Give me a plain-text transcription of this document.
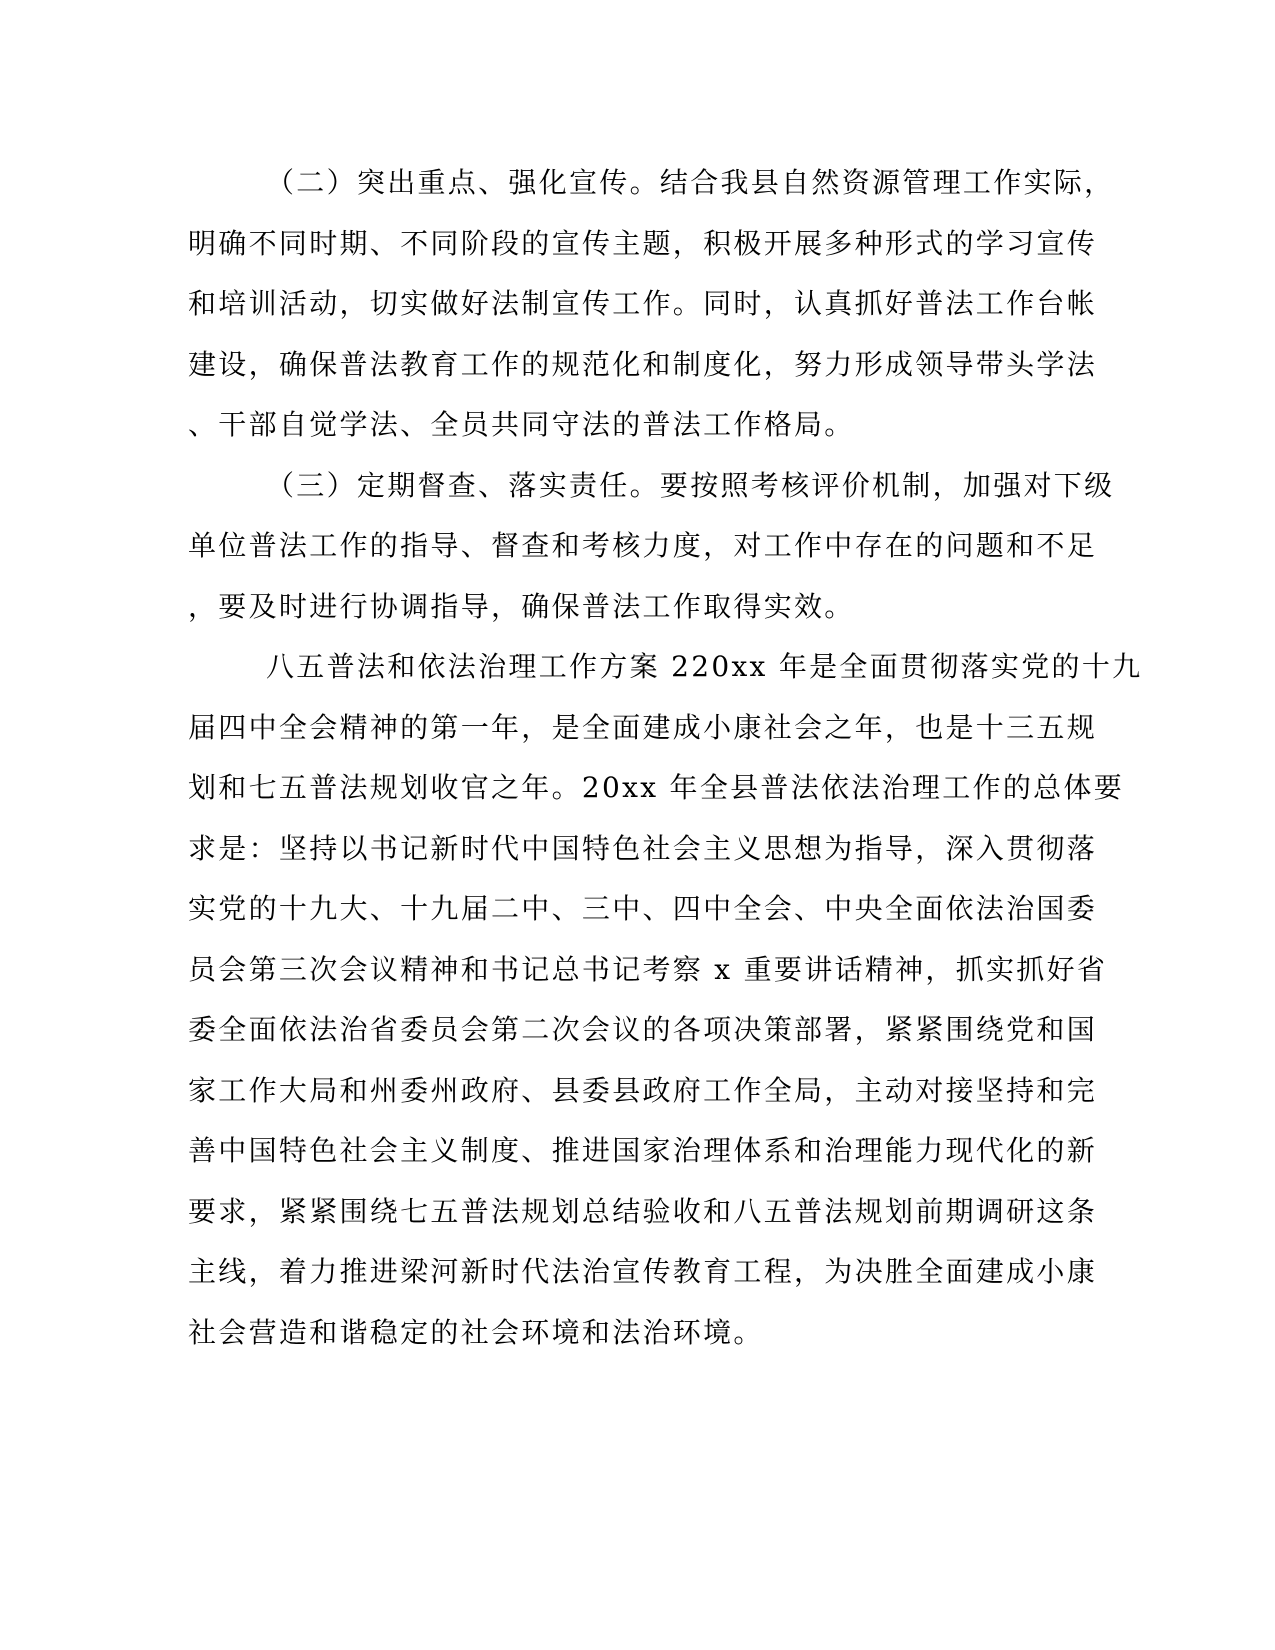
（二）突出重点、强化宣传。结合我县自然资源管理工作实际，
明确不同时期、不同阶段的宣传主题，积极开展多种形式的学习宣传
和培训活动，切实做好法制宣传工作。同时，认真抓好普法工作台帐
建设，确保普法教育工作的规范化和制度化，努力形成领导带头学法
、干部自觉学法、全员共同守法的普法工作格局。
（三）定期督查、落实责任。要按照考核评价机制，加强对下级
单位普法工作的指导、督查和考核力度，对工作中存在的问题和不足
，要及时进行协调指导，确保普法工作取得实效。
八五普法和依法治理工作方案 220xx 年是全面贯彻落实党的十九
届四中全会精神的第一年，是全面建成小康社会之年，也是十三五规
划和七五普法规划收官之年。20xx 年全县普法依法治理工作的总体要
求是：坚持以书记新时代中国特色社会主义思想为指导，深入贯彻落
实党的十九大、十九届二中、三中、四中全会、中央全面依法治国委
员会第三次会议精神和书记总书记考察 x 重要讲话精神，抓实抓好省
委全面依法治省委员会第二次会议的各项决策部署，紧紧围绕党和国
家工作大局和州委州政府、县委县政府工作全局，主动对接坚持和完
善中国特色社会主义制度、推进国家治理体系和治理能力现代化的新
要求，紧紧围绕七五普法规划总结验收和八五普法规划前期调研这条
主线，着力推进梁河新时代法治宣传教育工程，为决胜全面建成小康
社会营造和谐稳定的社会环境和法治环境。
